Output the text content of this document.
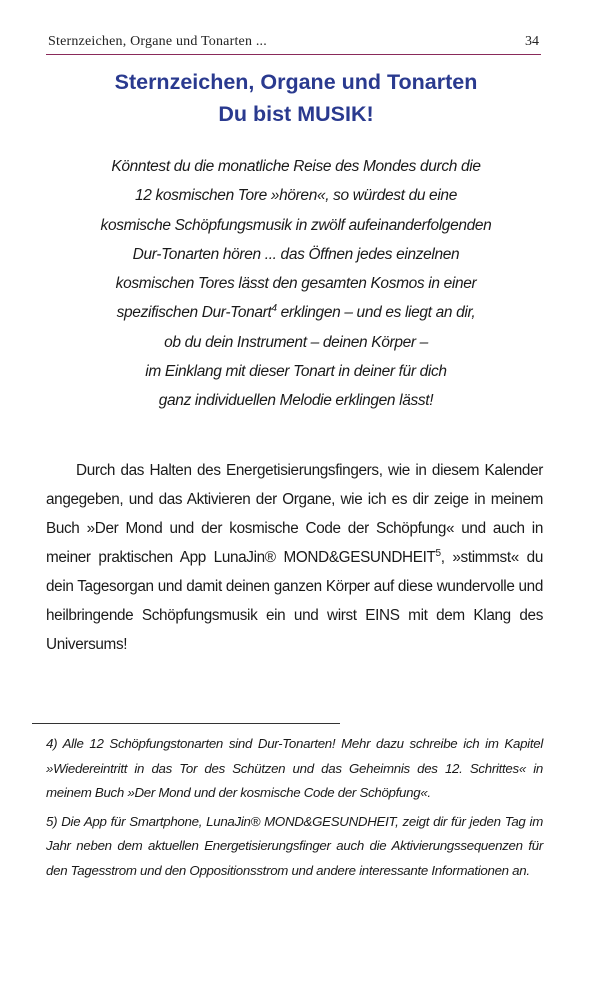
Sternzeichen, Organe und Tonarten ...	34
Sternzeichen, Organe und Tonarten
Du bist MUSIK!
Könntest du die monatliche Reise des Mondes durch die
12 kosmischen Tore »hören«, so würdest du eine
kosmische Schöpfungsmusik in zwölf aufeinanderfolgenden
Dur-Tonarten hören ... das Öffnen jedes einzelnen
kosmischen Tores lässt den gesamten Kosmos in einer
spezifischen Dur-Tonart$^4$ erklingen – und es liegt an dir,
ob du dein Instrument – deinen Körper –
im Einklang mit dieser Tonart in deiner für dich
ganz individuellen Melodie erklingen lässt!

Durch das Halten des Energetisierungsfingers, wie in diesem Kalender angegeben, und das Aktivieren der Organe, wie ich es dir zeige in meinem Buch »Der Mond und der kosmische Code der Schöpfung« und auch in meiner praktischen App LunaJin® MOND&GESUNDHEIT$^5$, »stimmst« du dein Tagesorgan und damit deinen ganzen Körper auf diese wundervolle und heilbringende Schöpfungsmusik ein und wirst EINS mit dem Klang des Universums!

4) Alle 12 Schöpfungstonarten sind Dur-Tonarten! Mehr dazu schreibe ich im Kapitel »Wiedereintritt in das Tor des Schützen und das Geheimnis des 12. Schrittes« in meinem Buch »Der Mond und der kosmische Code der Schöpfung«.

5) Die App für Smartphone, LunaJin® MOND&GESUNDHEIT, zeigt dir für jeden Tag im Jahr neben dem aktuellen Energetisierungsfinger auch die Aktivierungssequenzen für den Tagesstrom und den Oppositionsstrom und andere interessante Informationen an.
